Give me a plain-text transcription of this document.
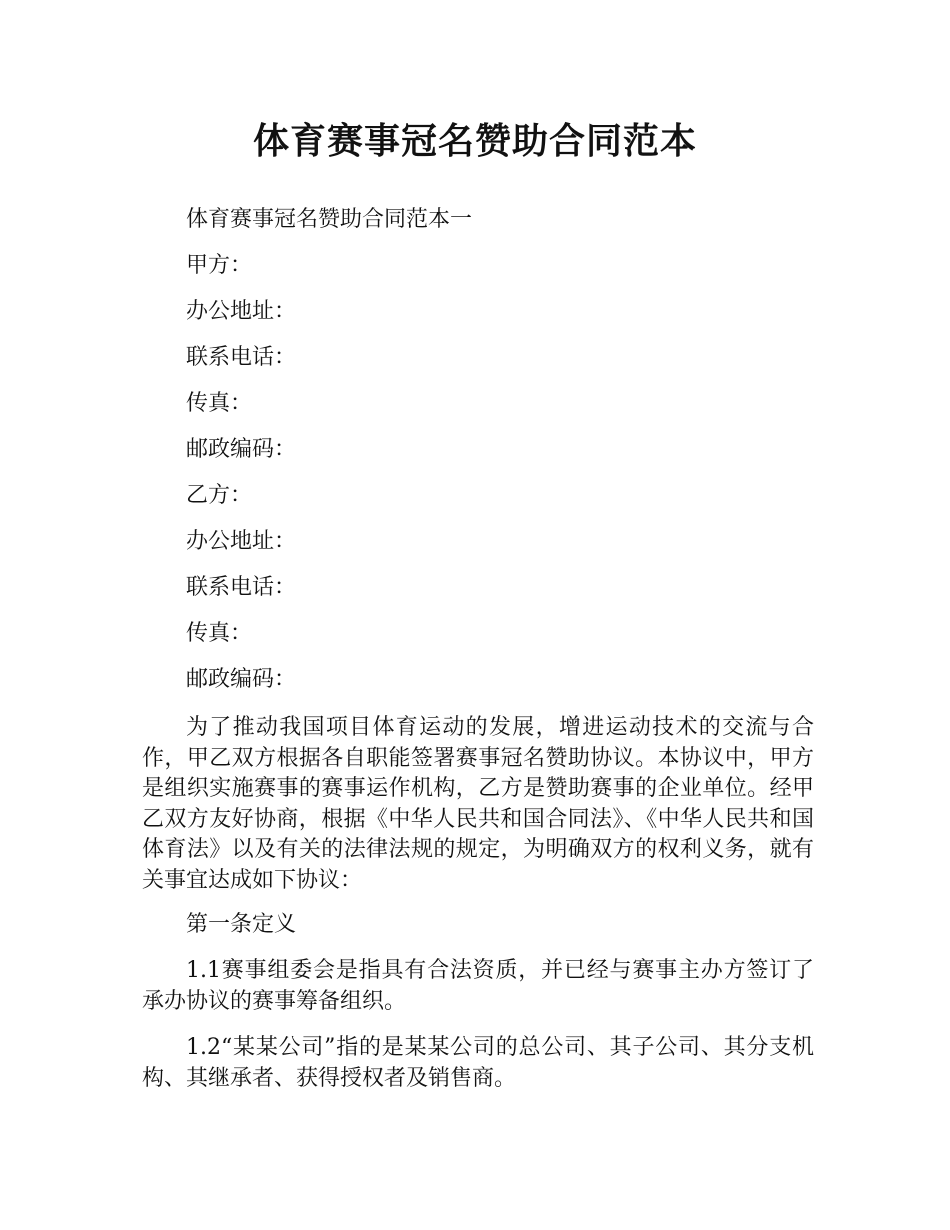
体育赛事冠名赞助合同范本

体育赛事冠名赞助合同范本一

甲方：

办公地址：

联系电话：

传真：

邮政编码：

乙方：

办公地址：

联系电话：

传真：

邮政编码：

为了推动我国项目体育运动的发展，增进运动技术的交流与合作，甲乙双方根据各自职能签署赛事冠名赞助协议。本协议中，甲方是组织实施赛事的赛事运作机构，乙方是赞助赛事的企业单位。经甲乙双方友好协商，根据《中华人民共和国合同法》、《中华人民共和国体育法》以及有关的法律法规的规定，为明确双方的权利义务，就有关事宜达成如下协议：

第一条定义

1.1赛事组委会是指具有合法资质，并已经与赛事主办方签订了承办协议的赛事筹备组织。

1.2“某某公司”指的是某某公司的总公司、其子公司、其分支机构、其继承者、获得授权者及销售商。
